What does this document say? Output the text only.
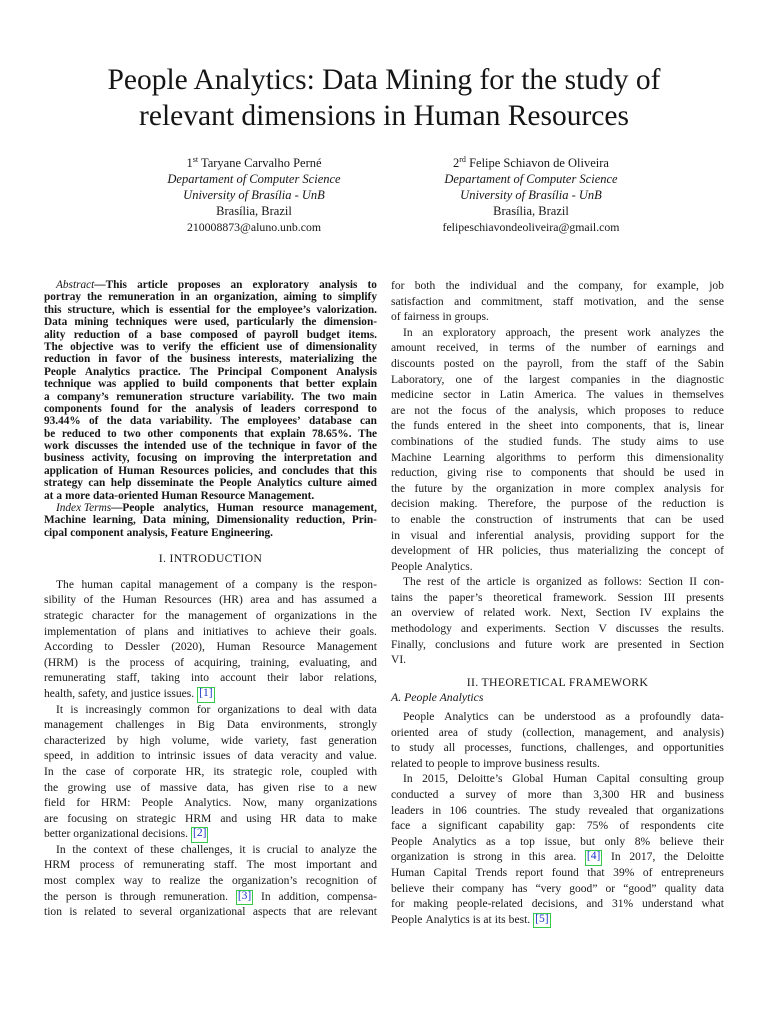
People Analytics: Data Mining for the study of
relevant dimensions in Human Resources
1st Taryane Carvalho Perné
Departament of Computer Science
University of Brasília - UnB
Brasília, Brazil
210008873@aluno.unb.com
2rd Felipe Schiavon de Oliveira
Departament of Computer Science
University of Brasília - UnB
Brasília, Brazil
felipeschiavondeoliveira@gmail.com
Abstract—This article proposes an exploratory analysis to
portray the remuneration in an organization, aiming to simplify
this structure, which is essential for the employee’s valorization.
Data mining techniques were used, particularly the dimension-
ality reduction of a base composed of payroll budget items.
The objective was to verify the efficient use of dimensionality
reduction in favor of the business interests, materializing the
People Analytics practice. The Principal Component Analysis
technique was applied to build components that better explain
a company’s remuneration structure variability. The two main
components found for the analysis of leaders correspond to
93.44% of the data variability. The employees’ database can
be reduced to two other components that explain 78.65%. The
work discusses the intended use of the technique in favor of the
business activity, focusing on improving the interpretation and
application of Human Resources policies, and concludes that this
strategy can help disseminate the People Analytics culture aimed
at a more data-oriented Human Resource Management.
Index Terms—People analytics, Human resource management,
Machine learning, Data mining, Dimensionality reduction, Prin-
cipal component analysis, Feature Engineering.
I. INTRODUCTION
The human capital management of a company is the respon-
sibility of the Human Resources (HR) area and has assumed a
strategic character for the management of organizations in the
implementation of plans and initiatives to achieve their goals.
According to Dessler (2020), Human Resource Management
(HRM) is the process of acquiring, training, evaluating, and
remunerating staff, taking into account their labor relations,
health, safety, and justice issues. [1]
It is increasingly common for organizations to deal with data
management challenges in Big Data environments, strongly
characterized by high volume, wide variety, fast generation
speed, in addition to intrinsic issues of data veracity and value.
In the case of corporate HR, its strategic role, coupled with
the growing use of massive data, has given rise to a new
field for HRM: People Analytics. Now, many organizations
are focusing on strategic HRM and using HR data to make
better organizational decisions. [2]
In the context of these challenges, it is crucial to analyze the
HRM process of remunerating staff. The most important and
most complex way to realize the organization’s recognition of
the person is through remuneration. [3] In addition, compensa-
tion is related to several organizational aspects that are relevant
for both the individual and the company, for example, job
satisfaction and commitment, staff motivation, and the sense
of fairness in groups.
In an exploratory approach, the present work analyzes the
amount received, in terms of the number of earnings and
discounts posted on the payroll, from the staff of the Sabin
Laboratory, one of the largest companies in the diagnostic
medicine sector in Latin America. The values in themselves
are not the focus of the analysis, which proposes to reduce
the funds entered in the sheet into components, that is, linear
combinations of the studied funds. The study aims to use
Machine Learning algorithms to perform this dimensionality
reduction, giving rise to components that should be used in
the future by the organization in more complex analysis for
decision making. Therefore, the purpose of the reduction is
to enable the construction of instruments that can be used
in visual and inferential analysis, providing support for the
development of HR policies, thus materializing the concept of
People Analytics.
The rest of the article is organized as follows: Section II con-
tains the paper’s theoretical framework. Session III presents
an overview of related work. Next, Section IV explains the
methodology and experiments. Section V discusses the results.
Finally, conclusions and future work are presented in Section
VI.
II. THEORETICAL FRAMEWORK
A. People Analytics
People Analytics can be understood as a profoundly data-
oriented area of study (collection, management, and analysis)
to study all processes, functions, challenges, and opportunities
related to people to improve business results.
In 2015, Deloitte’s Global Human Capital consulting group
conducted a survey of more than 3,300 HR and business
leaders in 106 countries. The study revealed that organizations
face a significant capability gap: 75% of respondents cite
People Analytics as a top issue, but only 8% believe their
organization is strong in this area. [4] In 2017, the Deloitte
Human Capital Trends report found that 39% of entrepreneurs
believe their company has “very good” or “good” quality data
for making people-related decisions, and 31% understand what
People Analytics is at its best. [5]
